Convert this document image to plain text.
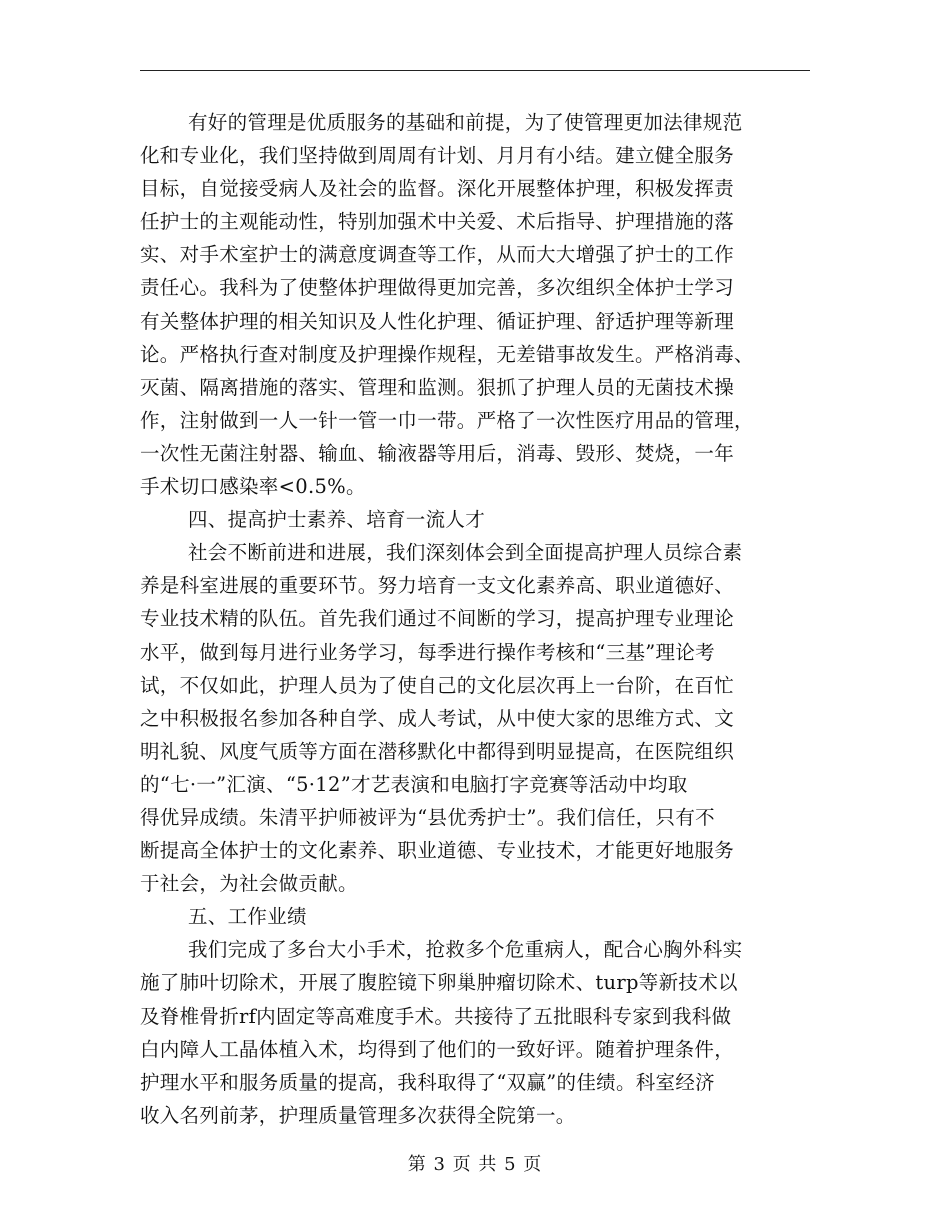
有好的管理是优质服务的基础和前提，为了使管理更加法律规范
化和专业化，我们坚持做到周周有计划、月月有小结。建立健全服务
目标，自觉接受病人及社会的监督。深化开展整体护理，积极发挥责
任护士的主观能动性，特别加强术中关爱、术后指导、护理措施的落
实、对手术室护士的满意度调查等工作，从而大大增强了护士的工作
责任心。我科为了使整体护理做得更加完善，多次组织全体护士学习
有关整体护理的相关知识及人性化护理、循证护理、舒适护理等新理
论。严格执行查对制度及护理操作规程，无差错事故发生。严格消毒、
灭菌、隔离措施的落实、管理和监测。狠抓了护理人员的无菌技术操
作，注射做到一人一针一管一巾一带。严格了一次性医疗用品的管理，
一次性无菌注射器、输血、输液器等用后，消毒、毁形、焚烧，一年
手术切口感染率<0.5%。
四、提高护士素养、培育一流人才
社会不断前进和进展，我们深刻体会到全面提高护理人员综合素
养是科室进展的重要环节。努力培育一支文化素养高、职业道德好、
专业技术精的队伍。首先我们通过不间断的学习，提高护理专业理论
水平，做到每月进行业务学习，每季进行操作考核和“三基”理论考
试，不仅如此，护理人员为了使自己的文化层次再上一台阶，在百忙
之中积极报名参加各种自学、成人考试，从中使大家的思维方式、文
明礼貌、风度气质等方面在潜移默化中都得到明显提高，在医院组织
的“七·一”汇演、“5·12”才艺表演和电脑打字竞赛等活动中均取
得优异成绩。朱清平护师被评为“县优秀护士”。我们信任，只有不
断提高全体护士的文化素养、职业道德、专业技术，才能更好地服务
于社会，为社会做贡献。
五、工作业绩
我们完成了多台大小手术，抢救多个危重病人，配合心胸外科实
施了肺叶切除术，开展了腹腔镜下卵巢肿瘤切除术、turp等新技术以
及脊椎骨折rf内固定等高难度手术。共接待了五批眼科专家到我科做
白内障人工晶体植入术，均得到了他们的一致好评。随着护理条件，
护理水平和服务质量的提高，我科取得了“双赢”的佳绩。科室经济
收入名列前茅，护理质量管理多次获得全院第一。
第 3 页 共 5 页
